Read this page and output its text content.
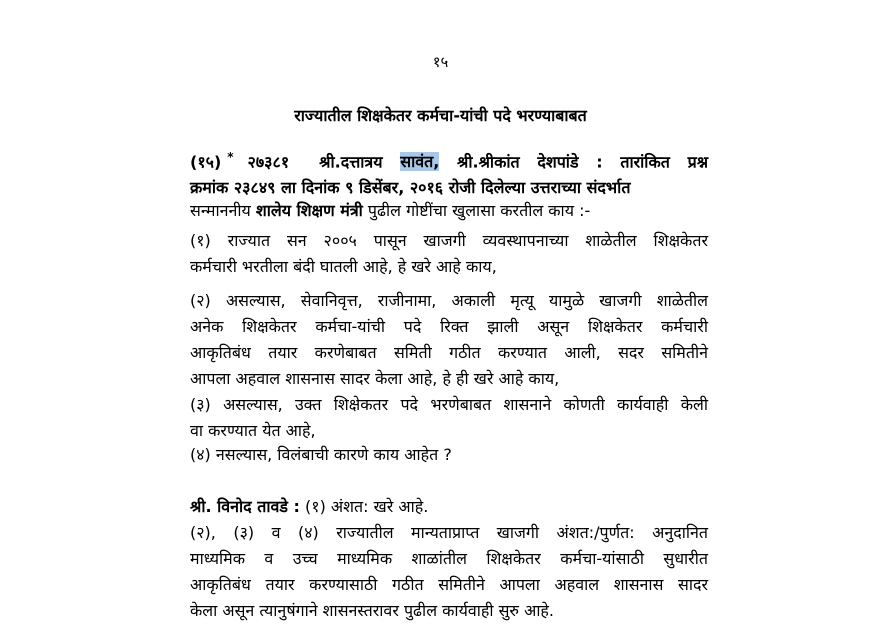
१५
राज्यातील शिक्षकेतर कर्मचा-यांची पदे भरण्याबाबत
(१५) * २७३८१ श्री.दत्तात्रय सावंत, श्री.श्रीकांत देशपांडे : तारांकित प्रश्न
क्रमांक २३८४९ ला दिनांक ९ डिसेंबर, २०१६ रोजी दिलेल्या उत्तराच्या संदर्भात
सन्माननीय शालेय शिक्षण मंत्री पुढील गोष्टींचा खुलासा करतील काय :-
(१) राज्यात सन २००५ पासून खाजगी व्यवस्थापनाच्या शाळेतील शिक्षकेतर
कर्मचारी भरतीला बंदी घातली आहे, हे खरे आहे काय,
(२) असल्यास, सेवानिवृत्त, राजीनामा, अकाली मृत्यू यामुळे खाजगी शाळेतील
अनेक शिक्षकेतर कर्मचा-यांची पदे रिक्त झाली असून शिक्षकेतर कर्मचारी
आकृतिबंध तयार करणेबाबत समिती गठीत करण्यात आली, सदर समितीने
आपला अहवाल शासनास सादर केला आहे, हे ही खरे आहे काय,
(३) असल्यास, उक्त शिक्षेकतर पदे भरणेबाबत शासनाने कोणती कार्यवाही केली
वा करण्यात येत आहे,
(४) नसल्यास, विलंबाची कारणे काय आहेत ?
श्री. विनोद तावडे : (१) अंशत: खरे आहे.
(२), (३) व (४) राज्यातील मान्यताप्राप्त खाजगी अंशत:/पुर्णत: अनुदानित
माध्यमिक व उच्च माध्यमिक शाळांतील शिक्षकेतर कर्मचा-यांसाठी सुधारीत
आकृतिबंध तयार करण्यासाठी गठीत समितीने आपला अहवाल शासनास सादर
केला असून त्यानुषंगाने शासनस्तरावर पुढील कार्यवाही सुरु आहे.
